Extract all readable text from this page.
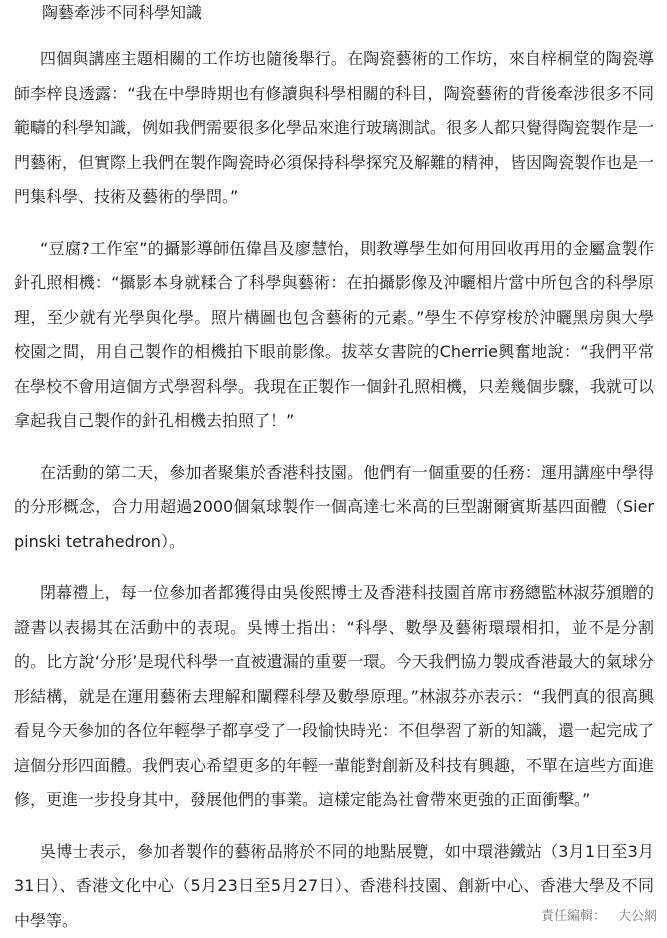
陶藝牽涉不同科學知識

四個與講座主題相關的工作坊也隨後舉行。在陶瓷藝術的工作坊，來自梓桐堂的陶瓷導師李梓良透露：“我在中學時期也有修讀與科學相關的科目，陶瓷藝術的背後牽涉很多不同範疇的科學知識，例如我們需要很多化學品來進行玻璃測試。很多人都只覺得陶瓷製作是一門藝術，但實際上我們在製作陶瓷時必須保持科學探究及解難的精神，皆因陶瓷製作也是一門集科學、技術及藝術的學問。”

“豆腐?工作室”的攝影導師伍偉昌及廖慧怡，則教導學生如何用回收再用的金屬盒製作針孔照相機：“攝影本身就糅合了科學與藝術：在拍攝影像及沖曬相片當中所包含的科學原理，至少就有光學與化學。照片構圖也包含藝術的元素。”學生不停穿梭於沖曬黑房與大學校園之間，用自己製作的相機拍下眼前影像。拔萃女書院的Cherrie興奮地說：“我們平常在學校不會用這個方式學習科學。我現在正製作一個針孔照相機，只差幾個步驟，我就可以拿起我自己製作的針孔相機去拍照了！”

在活動的第二天，參加者聚集於香港科技園。他們有一個重要的任務：運用講座中學得的分形概念，合力用超過2000個氣球製作一個高達七米高的巨型謝爾賓斯基四面體（Sierpinski tetrahedron）。

閉幕禮上，每一位參加者都獲得由吳俊熙博士及香港科技園首席市務總監林淑芬頒贈的證書以表揚其在活動中的表現。吳博士指出：“科學、數學及藝術環環相扣，並不是分割的。比方說‘分形’是現代科學一直被遺漏的重要一環。今天我們協力製成香港最大的氣球分形結構，就是在運用藝術去理解和闡釋科學及數學原理。”林淑芬亦表示：“我們真的很高興看見今天參加的各位年輕學子都享受了一段愉快時光：不但學習了新的知識，還一起完成了這個分形四面體。我們衷心希望更多的年輕一輩能對創新及科技有興趣，不單在這些方面進修，更進一步投身其中，發展他們的事業。這樣定能為社會帶來更強的正面衝擊。”

吳博士表示，參加者製作的藝術品將於不同的地點展覽，如中環港鐵站（3月1日至3月31日）、香港文化中心（5月23日至5月27日）、香港科技園、創新中心、香港大學及不同中學等。	責任編輯： 大公網
